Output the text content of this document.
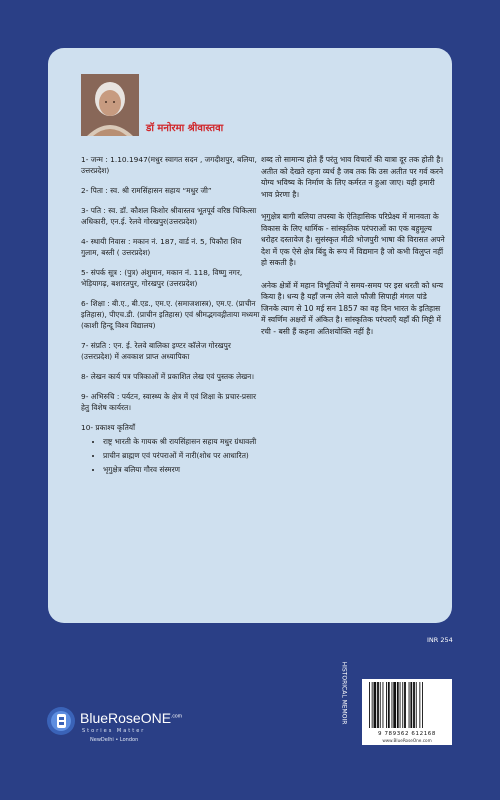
डॉ मनोरमा श्रीवास्तवा
1- जन्म : 1.10.1947(मधुर स्वागत सदन , जगदीशपुर, बलिया, उत्तरप्रदेश)
2- पिता : स्व. श्री रामसिंहासन सहाय “मधुर जी”
3- पति : स्व. डॉ. कौशल किशोर श्रीवास्तव भूतपूर्व वरिष्ठ चिकित्सा अधिकारी, एन.ई. रेलवे गोरखपुर(उत्तरप्रदेश)
4- स्थायी निवास : मकान नं. 187, वार्ड नं. 5, पिकौरा शिव गुलाम, बस्ती ( उत्तरप्रदेश)
5- संपर्क सूत्र : (पुत्र) अंशुमान, मकान नं. 118, विष्णु नगर, भेड़ियागढ़, बशारतपुर, गोरखपुर (उत्तरप्रदेश)
6- शिक्षा : बी.ए., बी.एड., एम.ए. (समाजशास्त्र), एम.ए. (प्राचीन इतिहास), पीएच.डी. (प्राचीन इतिहास) एवं श्रीमद्भगवद्गीताया मध्यमा (काशी हिन्दू विश्व विद्यालय)
7- संप्रति : एन. ई. रेलवे बालिका इण्टर कॉलेज गोरखपुर (उत्तरप्रदेश) में अवकाश प्राप्त अध्यापिका
8- लेखन कार्य पत्र पत्रिकाओं में प्रकाशित लेख एवं पुस्तक लेखन।
9- अभिरुचि : पर्यटन, स्वास्थ्य के क्षेत्र में एवं शिक्षा के प्रचार-प्रसार हेतु विशेष कार्यरत।
10- प्रकाश्य कृतियाँ
• राष्ट्र भारती के गायक श्री रायसिंहासन सहाय मधुर ग्रंथावली
• प्राचीन ब्राह्मण एवं परंपराओं में नारी(शोध पर आधारित)
• भृगुक्षेत्र बलिया गौरव संस्मरण
शब्द तो सामान्य होते हैं परंतु भाव विचारों की यात्रा दूर तक होती है। अतीत को देखते रहना व्यर्थ है जब तक कि उस अतीत पर गर्व करने योग्य भविष्य के निर्माण के लिए कर्मरत न हुआ जाए। यही हमारी भाव प्रेरणा है।
भृगुक्षेत्र बागी बलिया तपस्या के ऐतिहासिक परिप्रेक्ष्य में मानवता के विकास के लिए धार्मिक - सांस्कृतिक परंपराओं का एक बहुमूल्य धरोहर दस्तावेज है। सुसंस्कृत मीठी भोजपुरी भाषा की विरासत अपने देश में एक ऐसे क्षेत्र बिंदु के रूप में विद्यमान है जो कभी विलुप्त नहीं हो सकती है।
अनेक क्षेत्रों में महान विभूतियों ने समय-समय पर इस धरती को धन्य किया है। धन्य है यहाँ जन्म लेने वाले फौजी सिपाही मंगल पांडे जिनके त्याग से 10 मई सन 1857 का वह दिन भारत के इतिहास में स्वर्णिम अक्षरों में अंकित है। सांस्कृतिक परंपराएँ यहाँ की मिट्टी में रची - बसी हैं कहना अतिशयोक्ति नहीं है।
INR 254
HISTORICAL MEMOIR
9 789362 612168
www.BlueRoseOne.com
BlueRoseONE$^{.com}$
Stories Matter
NewDelhi • London
